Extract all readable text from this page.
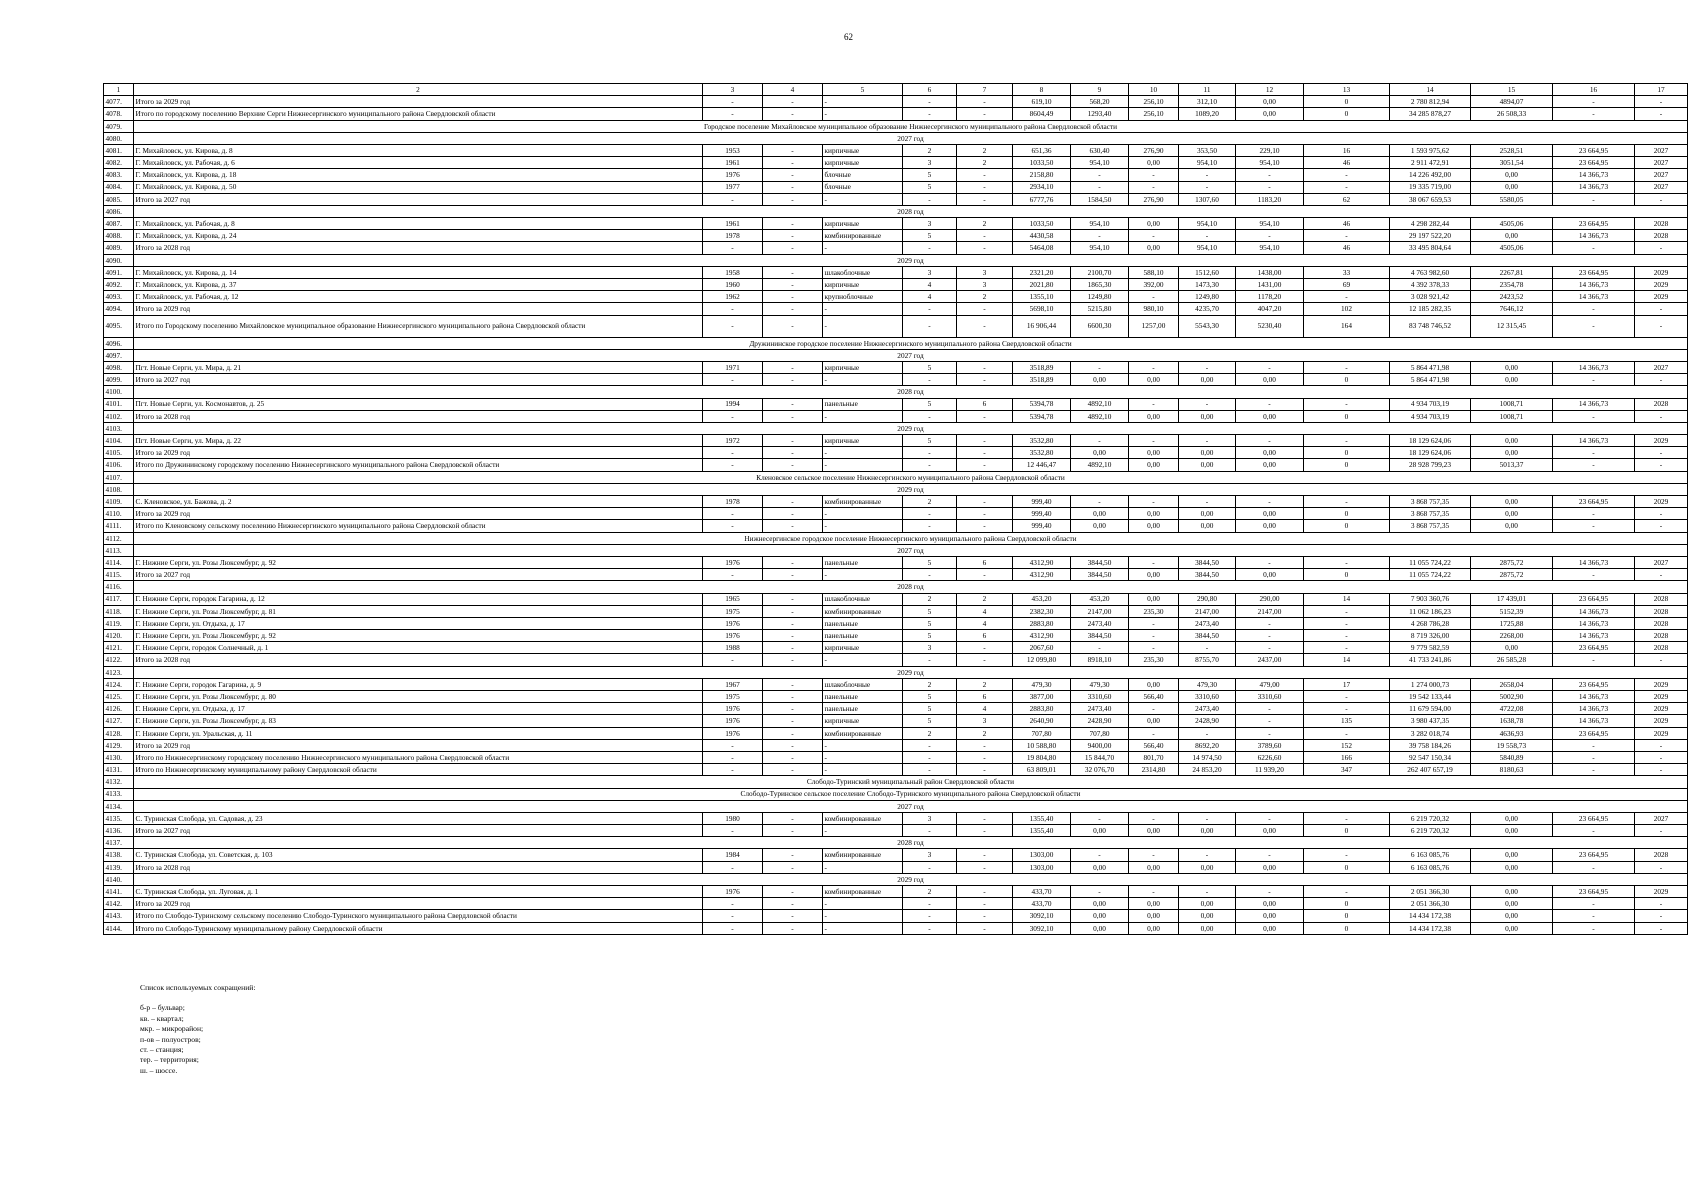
62
1	2	3	4	5	6	7	8	9	10	11	12	13	14	15	16	17
4077.	Итого за 2029 год	-	-	-	-	-	619,10	568,20	256,10	312,10	0,00	0	2 780 812,94	4894,07	-	-
4078.	Итого по городскому поселению Верхние Серги Нижнесергинского муниципального района Свердловской области	-	-	-	-	-	8604,49	1293,40	256,10	1089,20	0,00	0	34 285 878,27	26 508,33	-	-
4079.	Городское поселение Михайловское муниципальное образование Нижнесергинского муниципального района Свердловской области															
4080.	2027 год															
4081.	Г. Михайловск, ул. Кирова, д. 8	1953	-	кирпичные	2	2	651,36	630,40	276,90	353,50	229,10	16	1 593 975,62	2528,51	23 664,95	2027
4082.	Г. Михайловск, ул. Рабочая, д. 6	1961	-	кирпичные	3	2	1033,50	954,10	0,00	954,10	954,10	46	2 911 472,91	3051,54	23 664,95	2027
4083.	Г. Михайловск, ул. Кирова, д. 18	1976	-	блочные	5	-	2158,80	-	-	-	-	-	14 226 492,00	0,00	14 366,73	2027
4084.	Г. Михайловск, ул. Кирова, д. 50	1977	-	блочные	5	-	2934,10	-	-	-	-	-	19 335 719,00	0,00	14 366,73	2027
4085.	Итого за 2027 год	-	-	-	-	-	6777,76	1584,50	276,90	1307,60	1183,20	62	38 067 659,53	5580,05	-	-
4086.	2028 год															
4087.	Г. Михайловск, ул. Рабочая, д. 8	1961	-	кирпичные	3	2	1033,50	954,10	0,00	954,10	954,10	46	4 298 282,44	4505,06	23 664,95	2028
4088.	Г. Михайловск, ул. Кирова, д. 24	1978	-	комбинированные	5	-	4430,58	-	-	-	-	-	29 197 522,20	0,00	14 366,73	2028
4089.	Итого за 2028 год	-	-	-	-	-	5464,08	954,10	0,00	954,10	954,10	46	33 495 804,64	4505,06	-	-
4090.	2029 год															
4091.	Г. Михайловск, ул. Кирова, д. 14	1958	-	шлакоблочные	3	3	2321,20	2100,70	588,10	1512,60	1438,00	33	4 763 982,60	2267,81	23 664,95	2029
4092.	Г. Михайловск, ул. Кирова, д. 37	1960	-	кирпичные	4	3	2021,80	1865,30	392,00	1473,30	1431,00	69	4 392 378,33	2354,78	14 366,73	2029
4093.	Г. Михайловск, ул. Рабочая, д. 12	1962	-	крупноблочные	4	2	1355,10	1249,80	-	1249,80	1178,20	-	3 028 921,42	2423,52	14 366,73	2029
4094.	Итого за 2029 год	-	-	-	-	-	5698,10	5215,80	980,10	4235,70	4047,20	102	12 185 282,35	7646,12	-	-
4095.	Итого по Городскому поселению Михайловское муниципальное образование Нижнесергинского муниципального района Свердловской области	-	-	-	-	-	16 906,44	6600,30	1257,00	5543,30	5230,40	164	83 748 746,52	12 315,45	-	-
4096.	Дружининское городское поселение Нижнесергинского муниципального района Свердловской области															
4097.	2027 год															
4098.	Пгт. Новые Серги, ул. Мира, д. 21	1971	-	кирпичные	5	-	3518,89	-	-	-	-	-	5 864 471,98	0,00	14 366,73	2027
4099.	Итого за 2027 год	-	-	-	-	-	3518,89	0,00	0,00	0,00	0,00	0	5 864 471,98	0,00	-	-
4100.	2028 год															
4101.	Пгт. Новые Серги, ул. Космонавтов, д. 25	1994	-	панельные	5	6	5394,78	4892,10	-	-	-	-	4 934 703,19	1008,71	14 366,73	2028
4102.	Итого за 2028 год	-	-	-	-	-	5394,78	4892,10	0,00	0,00	0,00	0	4 934 703,19	1008,71	-	-
4103.	2029 год															
4104.	Пгт. Новые Серги, ул. Мира, д. 22	1972	-	кирпичные	5	-	3532,80	-	-	-	-	-	18 129 624,06	0,00	14 366,73	2029
4105.	Итого за 2029 год	-	-	-	-	-	3532,80	0,00	0,00	0,00	0,00	0	18 129 624,06	0,00	-	-
4106.	Итого по Дружининскому городскому поселению Нижнесергинского муниципального района Свердловской области	-	-	-	-	-	12 446,47	4892,10	0,00	0,00	0,00	0	28 928 799,23	5013,37	-	-
4107.	Кленовское сельское поселение Нижнесергинского муниципального района Свердловской области															
4108.	2029 год															
4109.	С. Кленовское, ул. Бажова, д. 2	1978	-	комбинированные	2	-	999,40	-	-	-	-	-	3 868 757,35	0,00	23 664,95	2029
4110.	Итого за 2029 год	-	-	-	-	-	999,40	0,00	0,00	0,00	0,00	0	3 868 757,35	0,00	-	-
4111.	Итого по Кленовскому сельскому поселению Нижнесергинского муниципального района Свердловской области	-	-	-	-	-	999,40	0,00	0,00	0,00	0,00	0	3 868 757,35	0,00	-	-
4112.	Нижнесергинское городское поселение Нижнесергинского муниципального района Свердловской области															
4113.	2027 год															
4114.	Г. Нижние Серги, ул. Розы Люксембург, д. 92	1976	-	панельные	5	6	4312,90	3844,50	-	3844,50	-	-	11 055 724,22	2875,72	14 366,73	2027
4115.	Итого за 2027 год	-	-	-	-	-	4312,90	3844,50	0,00	3844,50	0,00	0	11 055 724,22	2875,72	-	-
4116.	2028 год															
4117.	Г. Нижние Серги, городок Гагарина, д. 12	1965	-	шлакоблочные	2	2	453,20	453,20	0,00	290,80	290,00	14	7 903 360,76	17 439,01	23 664,95	2028
4118.	Г. Нижние Серги, ул. Розы Люксембург, д. 81	1975	-	комбинированные	5	4	2382,30	2147,00	235,30	2147,00	2147,00	-	11 062 186,23	5152,39	14 366,73	2028
4119.	Г. Нижние Серги, ул. Отдыха, д. 17	1976	-	панельные	5	4	2883,80	2473,40	-	2473,40	-	-	4 268 786,28	1725,88	14 366,73	2028
4120.	Г. Нижние Серги, ул. Розы Люксембург, д. 92	1976	-	панельные	5	6	4312,90	3844,50	-	3844,50	-	-	8 719 326,00	2268,00	14 366,73	2028
4121.	Г. Нижние Серги, городок Солнечный, д. 1	1988	-	кирпичные	3	-	2067,60	-	-	-	-	-	9 779 582,59	0,00	23 664,95	2028
4122.	Итого за 2028 год	-	-	-	-	-	12 099,80	8918,10	235,30	8755,70	2437,00	14	41 733 241,86	26 585,28	-	-
4123.	2029 год															
4124.	Г. Нижние Серги, городок Гагарина, д. 9	1967	-	шлакоблочные	2	2	479,30	479,30	0,00	479,30	479,00	17	1 274 000,73	2658,04	23 664,95	2029
4125.	Г. Нижние Серги, ул. Розы Люксембург, д. 80	1975	-	панельные	5	6	3877,00	3310,60	566,40	3310,60	3310,60	-	19 542 133,44	5002,90	14 366,73	2029
4126.	Г. Нижние Серги, ул. Отдыха, д. 17	1976	-	панельные	5	4	2883,80	2473,40	-	2473,40	-	-	11 679 594,00	4722,08	14 366,73	2029
4127.	Г. Нижние Серги, ул. Розы Люксембург, д. 83	1976	-	кирпичные	5	3	2640,90	2428,90	0,00	2428,90	-	135	3 980 437,35	1638,78	14 366,73	2029
4128.	Г. Нижние Серги, ул. Уральская, д. 11	1976	-	комбинированные	2	2	707,80	707,80	-	-	-	-	3 282 018,74	4636,93	23 664,95	2029
4129.	Итого за 2029 год	-	-	-	-	-	10 588,80	9400,00	566,40	8692,20	3789,60	152	39 758 184,26	19 558,73	-	-
4130.	Итого по Нижнесергинскому городскому поселению Нижнесергинского муниципального района Свердловской области	-	-	-	-	-	19 804,80	15 844,70	801,70	14 974,50	6226,60	166	92 547 150,34	5840,89	-	-
4131.	Итого по Нижнесергинскому муниципальному району Свердловской области	-	-	-	-	-	63 809,01	32 076,70	2314,80	24 853,20	11 939,20	347	262 407 657,19	8180,63	-	-
4132.	Слободо-Туринский муниципальный район Свердловской области															
4133.	Слободо-Туринское сельское поселение Слободо-Туринского муниципального района Свердловской области															
4134.	2027 год															
4135.	С. Туринская Слобода, ул. Садовая, д. 23	1980	-	комбинированные	3	-	1355,40	-	-	-	-	-	6 219 720,32	0,00	23 664,95	2027
4136.	Итого за 2027 год	-	-	-	-	-	1355,40	0,00	0,00	0,00	0,00	0	6 219 720,32	0,00	-	-
4137.	2028 год															
4138.	С. Туринская Слобода, ул. Советская, д. 103	1984	-	комбинированные	3	-	1303,00	-	-	-	-	-	6 163 085,76	0,00	23 664,95	2028
4139.	Итого за 2028 год	-	-	-	-	-	1303,00	0,00	0,00	0,00	0,00	0	6 163 085,76	0,00	-	-
4140.	2029 год															
4141.	С. Туринская Слобода, ул. Луговая, д. 1	1976	-	комбинированные	2	-	433,70	-	-	-	-	-	2 051 366,30	0,00	23 664,95	2029
4142.	Итого за 2029 год	-	-	-	-	-	433,70	0,00	0,00	0,00	0,00	0	2 051 366,30	0,00	-	-
4143.	Итого по Слободо-Туринскому сельскому поселению Слободо-Туринского муниципального района Свердловской области	-	-	-	-	-	3092,10	0,00	0,00	0,00	0,00	0	14 434 172,38	0,00	-	-
4144.	Итого по Слободо-Туринскому муниципальному району Свердловской области	-	-	-	-	-	3092,10	0,00	0,00	0,00	0,00	0	14 434 172,38	0,00	-	-
Список используемых сокращений:
б-р – бульвар;
кв. – квартал;
мкр. – микрорайон;
п-ов – полуостров;
ст. – станция;
тер. – территория;
ш. – шоссе.
